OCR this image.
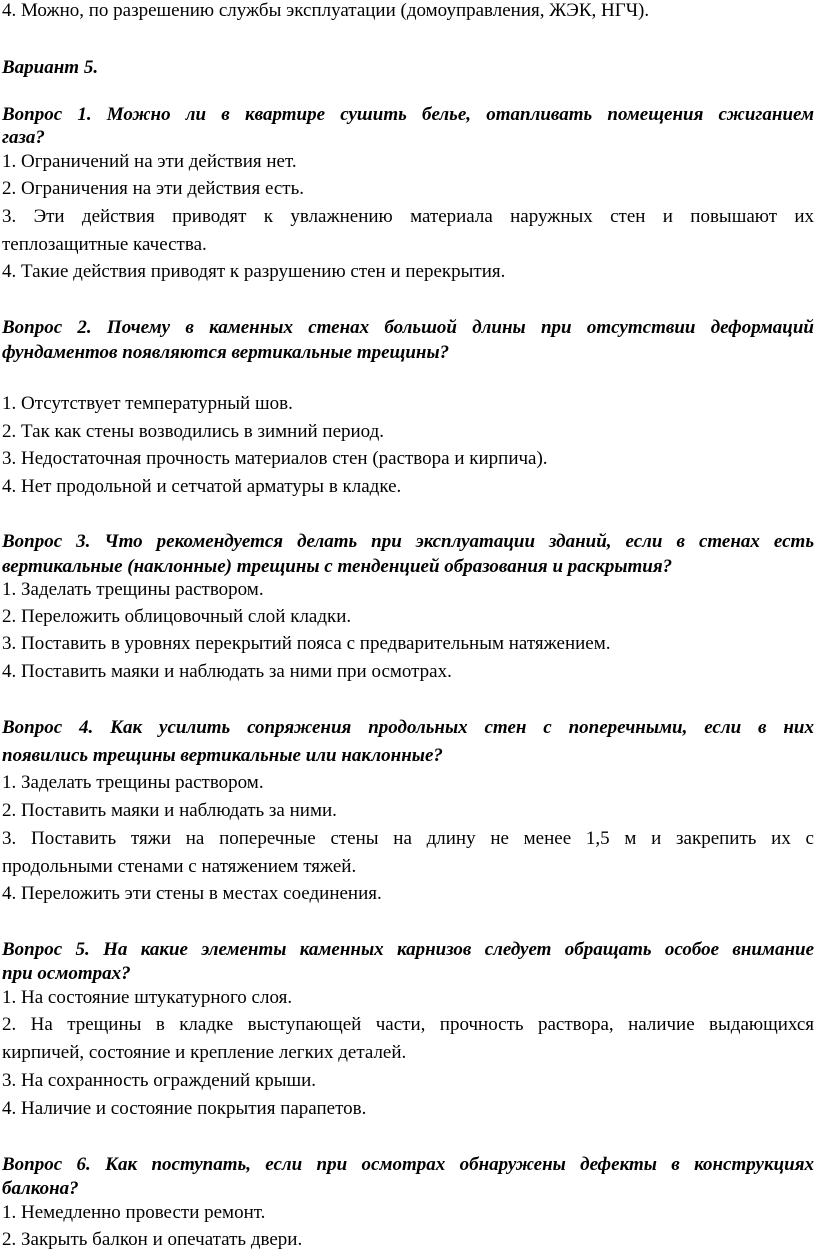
4. Можно, по разрешению службы эксплуатации (домоуправления, ЖЭК, НГЧ).
Вариант 5.
Вопрос 1. Можно ли в квартире сушить белье, отапливать помещения сжиганием
газа?
1. Ограничений на эти действия нет.
2. Ограничения на эти действия есть.
3. Эти действия приводят к увлажнению материала наружных стен и повышают их
теплозащитные качества.
4. Такие действия приводят к разрушению стен и перекрытия.
Вопрос 2. Почему в каменных стенах большой длины при отсутствии деформаций
фундаментов появляются вертикальные трещины?
1. Отсутствует температурный шов.
2. Так как стены возводились в зимний период.
3. Недостаточная прочность материалов стен (раствора и кирпича).
4. Нет продольной и сетчатой арматуры в кладке.
Вопрос 3. Что рекомендуется делать при эксплуатации зданий, если в стенах есть
вертикальные (наклонные) трещины с тенденцией образования и раскрытия?
1. Заделать трещины раствором.
2. Переложить облицовочный слой кладки.
3. Поставить в уровнях перекрытий пояса с предварительным натяжением.
4. Поставить маяки и наблюдать за ними при осмотрах.
Вопрос 4. Как усилить сопряжения продольных стен с поперечными, если в них
появились трещины вертикальные или наклонные?
1. Заделать трещины раствором.
2. Поставить маяки и наблюдать за ними.
3. Поставить тяжи на поперечные стены на длину не менее 1,5 м и закрепить их с
продольными стенами с натяжением тяжей.
4. Переложить эти стены в местах соединения.
Вопрос 5. На какие элементы каменных карнизов следует обращать особое внимание
при осмотрах?
1. На состояние штукатурного слоя.
2. На трещины в кладке выступающей части, прочность раствора, наличие выдающихся
кирпичей, состояние и крепление легких деталей.
3. На сохранность ограждений крыши.
4. Наличие и состояние покрытия парапетов.
Вопрос 6. Как поступать, если при осмотрах обнаружены дефекты в конструкциях
балкона?
1. Немедленно провести ремонт.
2. Закрыть балкон и опечатать двери.
